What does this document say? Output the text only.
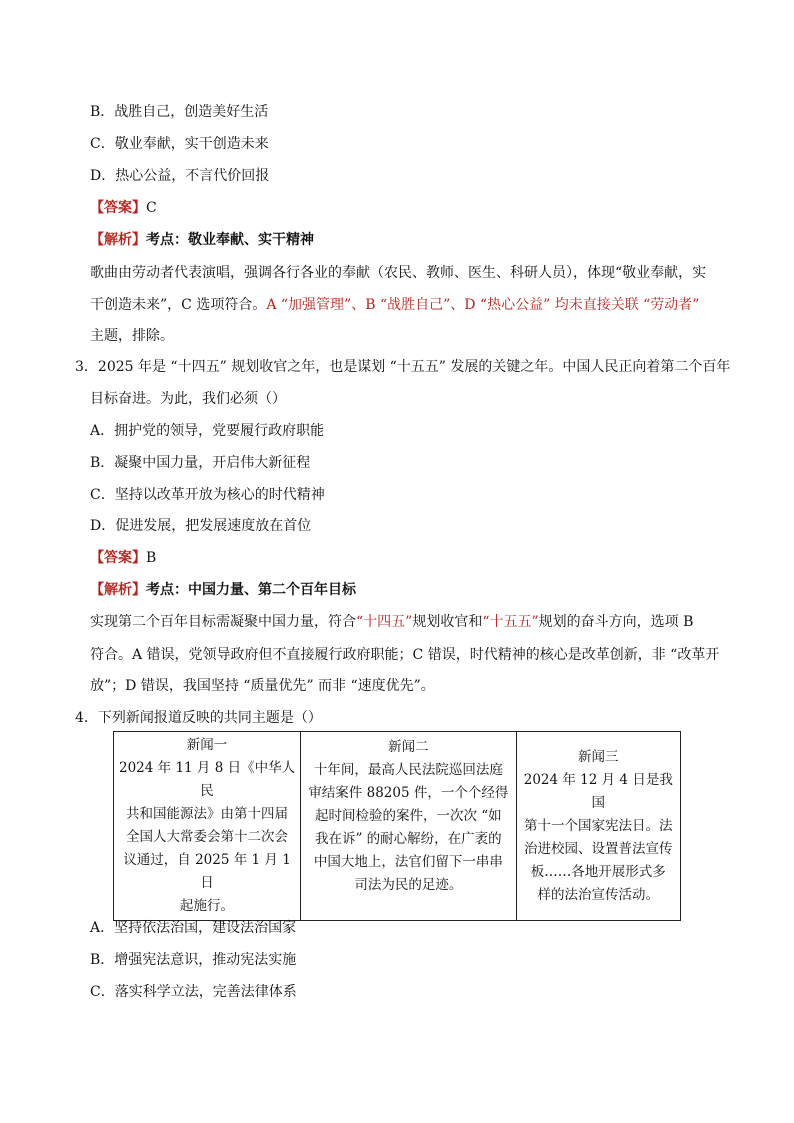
B．战胜自己，创造美好生活
C．敬业奉献，实干创造未来
D．热心公益，不言代价回报
【答案】C
【解析】考点：敬业奉献、实干精神
歌曲由劳动者代表演唱，强调各行各业的奉献（农民、教师、医生、科研人员），体现“敬业奉献，实
干创造未来”，C 选项符合。A “加强管理”、B “战胜自己”、D “热心公益” 均未直接关联 “劳动者”
主题，排除。
3．2025 年是 “十四五” 规划收官之年，也是谋划 “十五五” 发展的关键之年。中国人民正向着第二个百年
目标奋进。为此，我们必须（）
A．拥护党的领导，党要履行政府职能
B．凝聚中国力量，开启伟大新征程
C．坚持以改革开放为核心的时代精神
D．促进发展，把发展速度放在首位
【答案】B
【解析】考点：中国力量、第二个百年目标
实现第二个百年目标需凝聚中国力量，符合“十四五”规划收官和“十五五”规划的奋斗方向，选项 B
符合。A 错误，党领导政府但不直接履行政府职能；C 错误，时代精神的核心是改革创新，非 “改革开
放”；D 错误，我国坚持 “质量优先” 而非 “速度优先”。
4．下列新闻报道反映的共同主题是（）
新闻一
2024 年 11 月 8 日《中华人民
共和国能源法》由第十四届
全国人大常委会第十二次会
议通过，自 2025 年 1 月 1 日
起施行。

新闻二
十年间，最高人民法院巡回法庭
审结案件 88205 件，一个个经得
起时间检验的案件，一次次 “如
我在诉” 的耐心解纷，在广袤的
中国大地上，法官们留下一串串
司法为民的足迹。

新闻三
2024 年 12 月 4 日是我国
第十一个国家宪法日。法
治进校园、设置普法宣传
板……各地开展形式多
样的法治宣传活动。
A．坚持依法治国，建设法治国家
B．增强宪法意识，推动宪法实施
C．落实科学立法，完善法律体系
